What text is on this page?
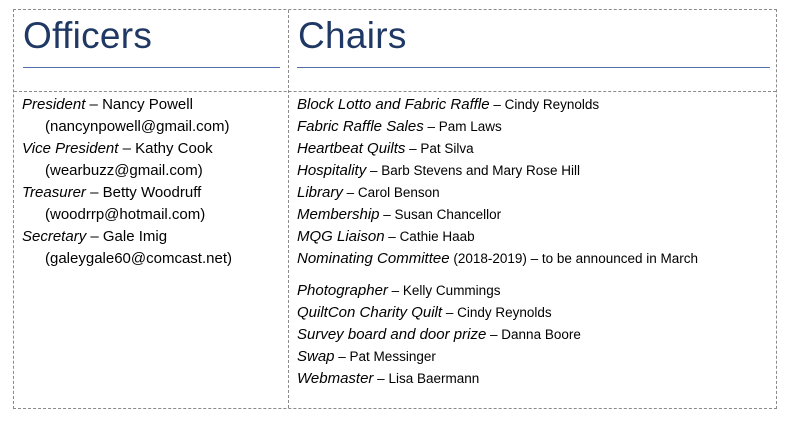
Officers	Chairs
President – Nancy Powell
(nancynpowell@gmail.com)
Vice President – Kathy Cook
(wearbuzz@gmail.com)
Treasurer – Betty Woodruff
(woodrrp@hotmail.com)
Secretary – Gale Imig
(galeygale60@comcast.net)
Block Lotto and Fabric Raffle – Cindy Reynolds
Fabric Raffle Sales – Pam Laws
Heartbeat Quilts – Pat Silva
Hospitality – Barb Stevens and Mary Rose Hill
Library – Carol Benson
Membership – Susan Chancellor
MQG Liaison – Cathie Haab
Nominating Committee (2018-2019) – to be announced in March
Photographer – Kelly Cummings
QuiltCon Charity Quilt – Cindy Reynolds
Survey board and door prize – Danna Boore
Swap – Pat Messinger
Webmaster – Lisa Baermann
